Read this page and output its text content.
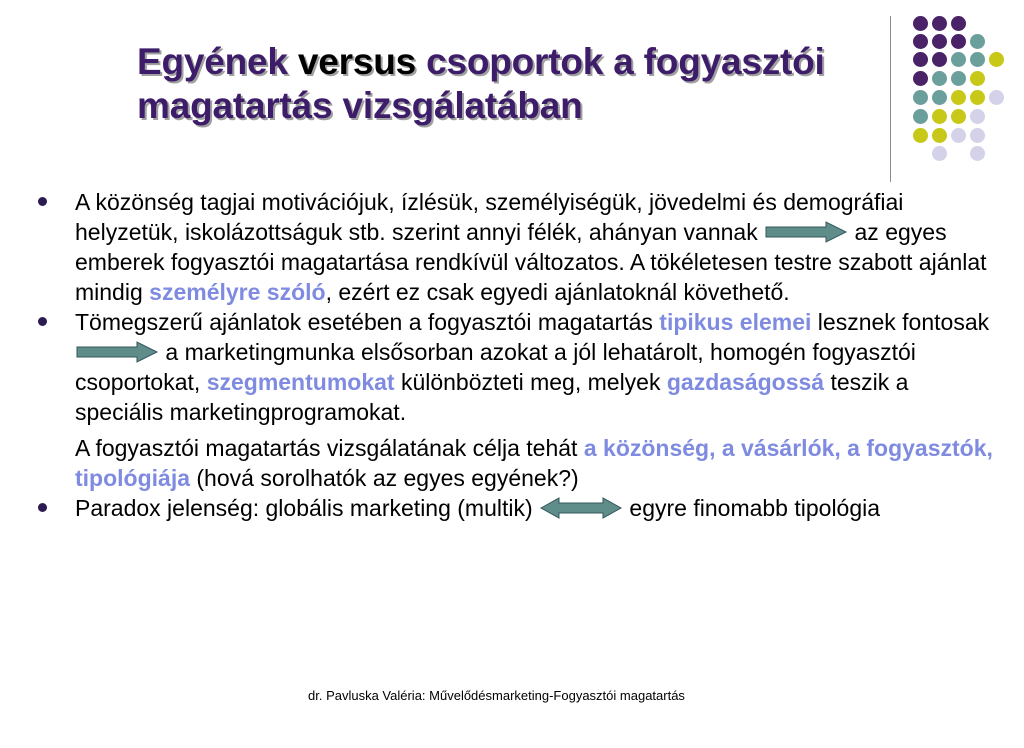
Egyének versus csoportok a fogyasztói magatartás vizsgálatában
A közönség tagjai motivációjuk, ízlésük, személyiségük, jövedelmi és demográfiai helyzetük, iskolázottságuk stb. szerint annyi félék, ahányan vannak	az egyes emberek fogyasztói magatartása rendkívül változatos. A tökéletesen testre szabott ajánlat mindig személyre szóló, ezért ez csak egyedi ajánlatoknál követhető.
Tömegszerű ajánlatok esetében a fogyasztói magatartás tipikus elemei lesznek fontosak  a marketingmunka elsősorban azokat a jól lehatárolt, homogén fogyasztói csoportokat, szegmentumokat különbözteti meg, melyek gazdaságossá teszik a speciális marketingprogramokat.
A fogyasztói magatartás vizsgálatának célja tehát a közönség, a vásárlók, a fogyasztók, tipológiája (hová sorolhatók az egyes egyének?)
Paradox jelenség: globális marketing (multik)	egyre finomabb tipológia
dr. Pavluska Valéria: Művelődésmarketing-Fogyasztói magatartás
